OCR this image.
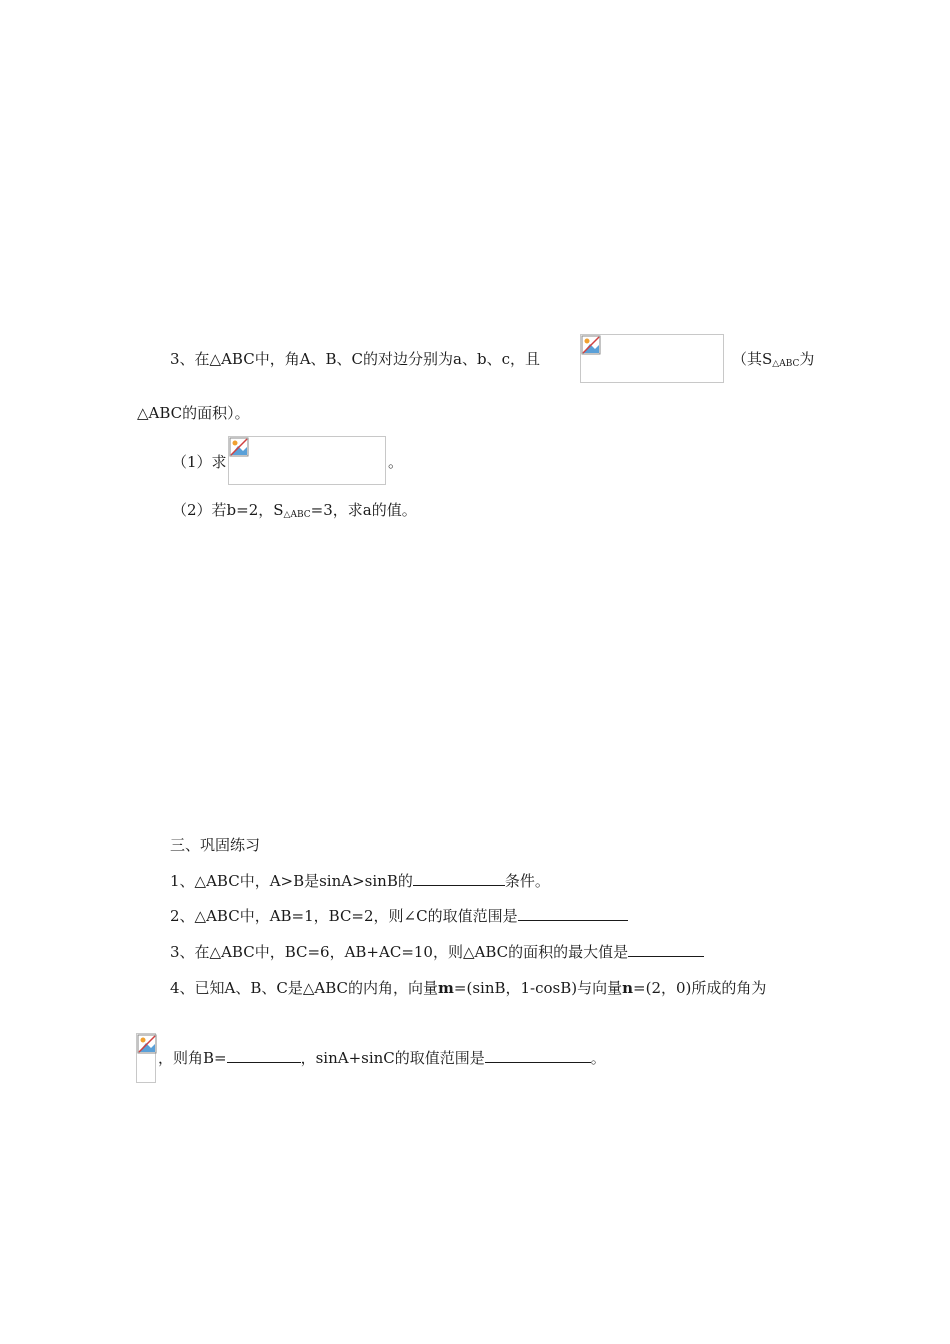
3、在△ABC中，角A、B、C的对边分别为a、b、c，且	（其$S_{\triangle ABC}$为
△ABC的面积）。
（1）求	。
（2）若b=2，$S_{\triangle ABC}=3$，求a的值。
三、巩固练习
1、△ABC中，A>B是sinA>sinB的	条件。
2、△ABC中，AB=1，BC=2，则∠C的取值范围是
3、在△ABC中，BC=6，AB+AC=10，则△ABC的面积的最大值是
4、已知A、B、C是△ABC的内角，向量m=(sinB，1-cosB)与向量n=(2，0)所成的角为
，则角B=	，sinA+sinC的取值范围是	。
